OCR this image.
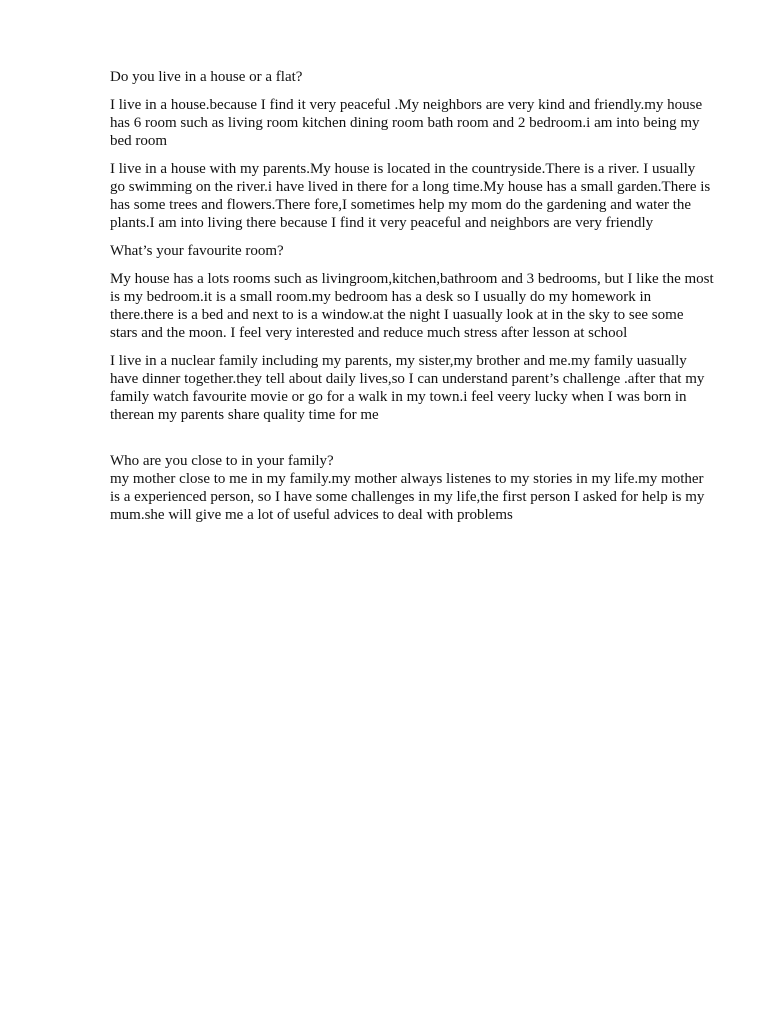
Do you live in a house or a flat?

I live in a house.because I find it very peaceful .My neighbors are very kind and friendly.my house has 6 room such as living room kitchen dining room bath room and 2 bedroom.i am into being my bed room

I live in a house with my parents.My house is located in the countryside.There is a river. I usually go swimming on the river.i have lived in there for a long time.My house has a small garden.There is has some trees and flowers.There fore,I sometimes help my mom do the gardening and water the plants.I am into living there because I find it very peaceful and neighbors are very friendly

What’s your favourite room?

My house has a lots rooms such as livingroom,kitchen,bathroom and 3 bedrooms, but I like the most is my bedroom.it is a small room.my bedroom has a desk so I usually do my homework in there.there is a bed and next to is a window.at the night I uasually look at in the sky to see some stars and the moon. I feel very interested and reduce much stress after lesson at school

I live in a nuclear family including my parents, my sister,my brother and me.my family uasually have dinner together.they tell about daily lives,so I can understand parent’s challenge .after that my family watch favourite movie or go for a walk in my town.i feel veery lucky when I was born in therean my parents share quality time for me

Who are you close to in your family?

my mother close to me in my family.my mother always listenes to my stories in my life.my mother is a experienced person, so I have some challenges in my life,the first person I asked for help is my mum.she will give me a lot of useful advices to deal with problems
